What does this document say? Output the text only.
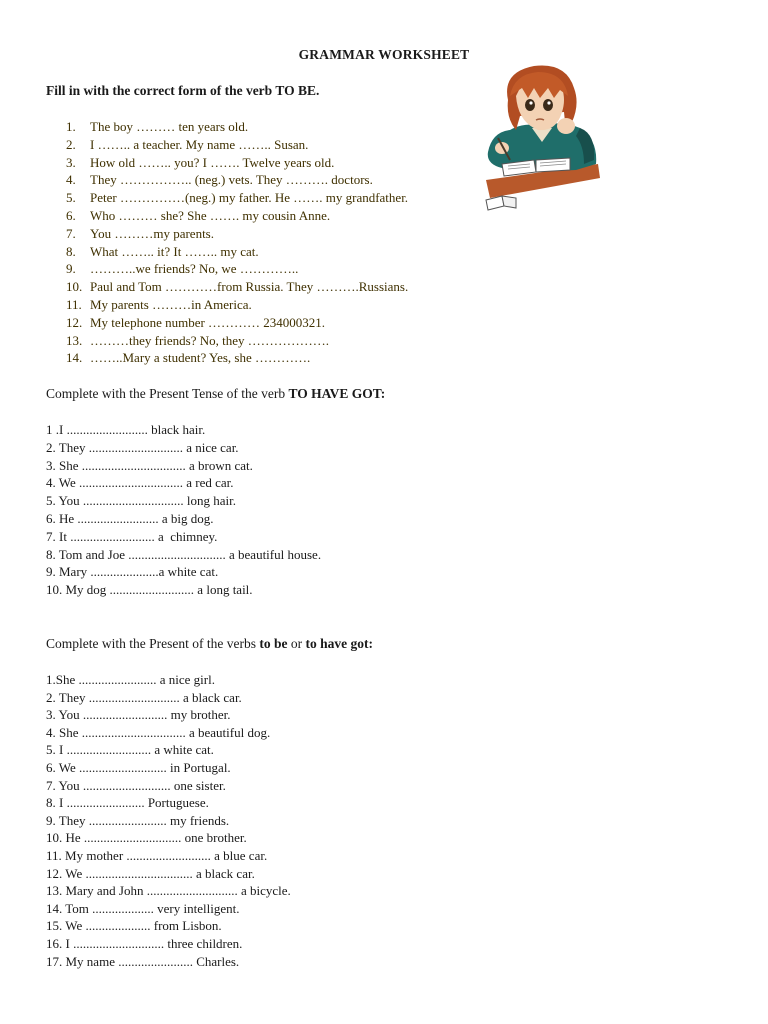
GRAMMAR WORKSHEET
Fill in with the correct form of the verb TO BE.
1. The boy ……… ten years old.
2. I …….. a teacher. My name …….. Susan.
3. How old …….. you? I ……. Twelve years old.
4. They …………….. (neg.) vets. They ………. doctors.
5. Peter ……………(neg.) my father. He ……. my grandfather.
6. Who ……… she? She ……. my cousin Anne.
7. You ………my parents.
8. What …….. it? It …….. my cat.
9. ………..we friends? No, we …………..
10. Paul and Tom …………from Russia. They ……….Russians.
11. My parents ………in America.
12. My telephone number ………… 234000321.
13. ………they friends? No, they ……………….
14. ……..Mary a student? Yes, she ………….
Complete with the Present Tense of the verb TO HAVE GOT:
1 .I ......................... black hair.
2. They ............................. a nice car.
3. She ................................ a brown cat.
4. We ................................ a red car.
5. You ............................... long hair.
6. He ......................... a big dog.
7. It .......................... a  chimney.
8. Tom and Joe .............................. a beautiful house.
9. Mary .....................a white cat.
10. My dog .......................... a long tail.
Complete with the Present of the verbs to be or to have got:
1.She ........................ a nice girl.
2. They ............................ a black car.
3. You .......................... my brother.
4. She ................................ a beautiful dog.
5. I .......................... a white cat.
6. We ........................... in Portugal.
7. You ........................... one sister.
8. I ........................ Portuguese.
9. They ........................ my friends.
10. He .............................. one brother.
11. My mother .......................... a blue car.
12. We ................................. a black car.
13. Mary and John ............................ a bicycle.
14. Tom ................... very intelligent.
15. We .................... from Lisbon.
16. I ............................ three children.
17. My name ....................... Charles.
